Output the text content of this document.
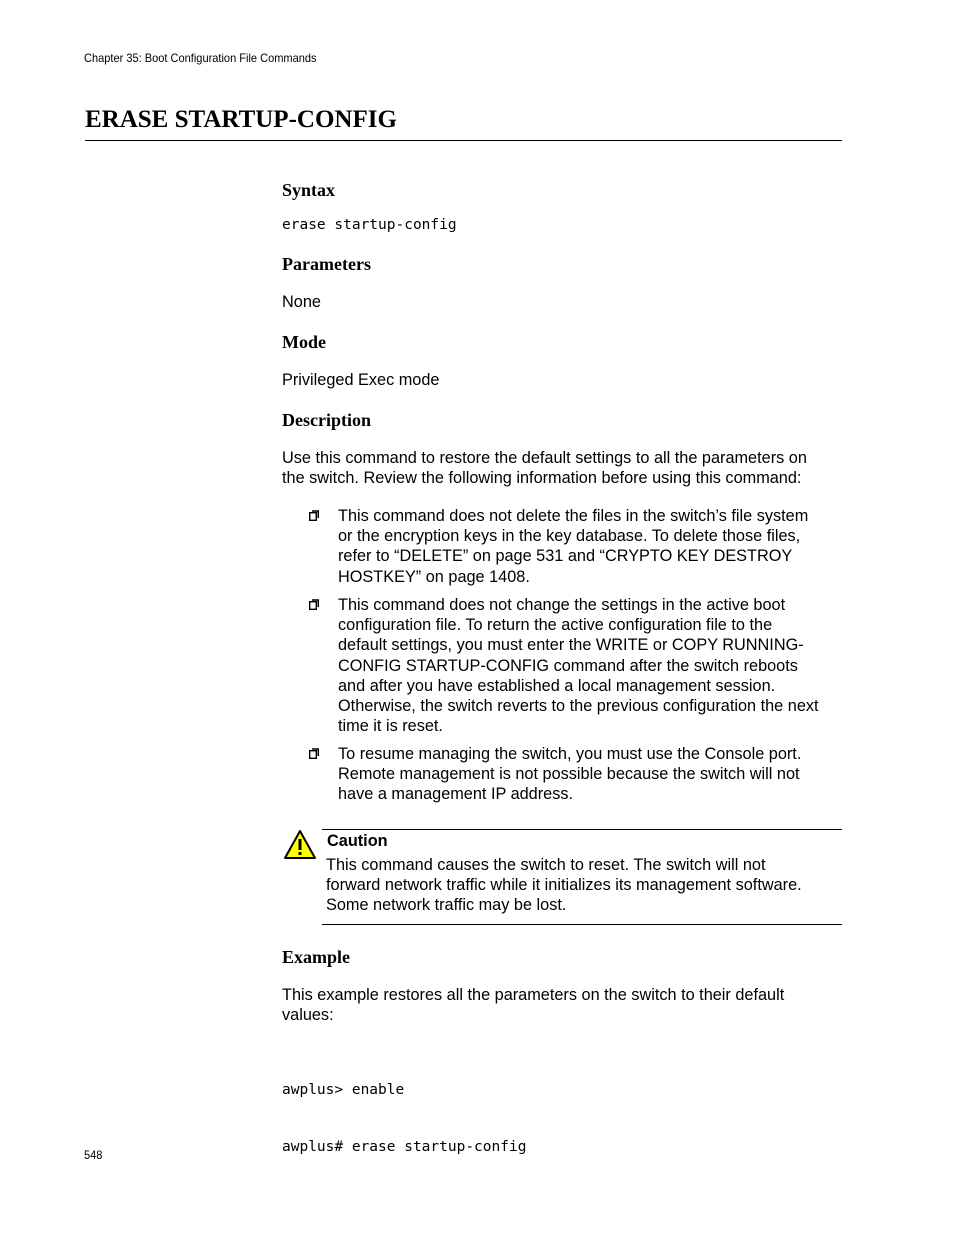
Chapter 35: Boot Configuration File Commands
ERASE STARTUP-CONFIG
Syntax
erase startup-config
Parameters
None
Mode
Privileged Exec mode
Description
Use this command to restore the default settings to all the parameters on
the switch. Review the following information before using this command:
This command does not delete the files in the switch’s file system
or the encryption keys in the key database. To delete those files,
refer to “DELETE” on page 531 and “CRYPTO KEY DESTROY
HOSTKEY” on page 1408.
This command does not change the settings in the active boot
configuration file. To return the active configuration file to the
default settings, you must enter the WRITE or COPY RUNNING-
CONFIG STARTUP-CONFIG command after the switch reboots
and after you have established a local management session.
Otherwise, the switch reverts to the previous configuration the next
time it is reset.
To resume managing the switch, you must use the Console port.
Remote management is not possible because the switch will not
have a management IP address.
Caution
This command causes the switch to reset. The switch will not
forward network traffic while it initializes its management software.
Some network traffic may be lost.
Example
This example restores all the parameters on the switch to their default
values:

awplus> enable

awplus# erase startup-config

548
